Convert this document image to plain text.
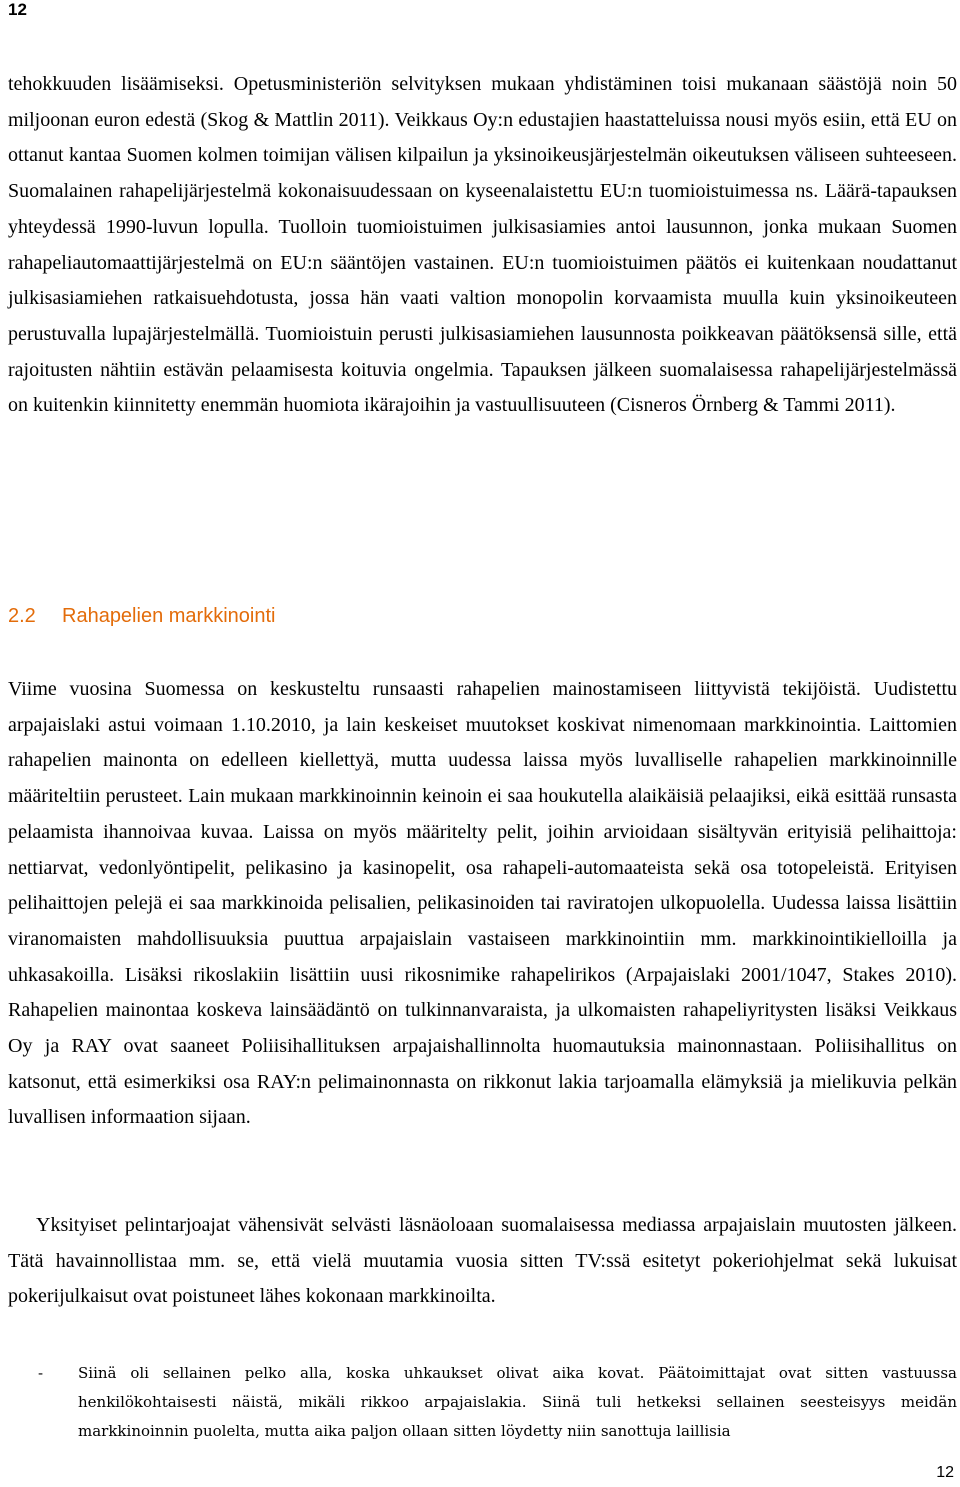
12

tehokkuuden lisäämiseksi. Opetusministeriön selvityksen mukaan yhdistäminen toisi mukanaan säästöjä noin 50 miljoonan euron edestä (Skog & Mattlin 2011). Veikkaus Oy:n edustajien haastatteluissa nousi myös esiin, että EU on ottanut kantaa Suomen kolmen toimijan välisen kilpailun ja yksinoikeusjärjestelmän oikeutuksen väliseen suhteeseen. Suomalainen rahapelijärjestelmä kokonaisuudessaan on kyseenalaistettu EU:n tuomioistuimessa ns. Läärä-tapauksen yhteydessä 1990-luvun lopulla. Tuolloin tuomioistuimen julkisasiamies antoi lausunnon, jonka mukaan Suomen rahapeliautomaattijärjestelmä on EU:n sääntöjen vastainen. EU:n tuomioistuimen päätös ei kuitenkaan noudattanut julkisasiamiehen ratkaisuehdotusta, jossa hän vaati valtion monopolin korvaamista muulla kuin yksinoikeuteen perustuvalla lupajärjestelmällä. Tuomioistuin perusti julkisasiamiehen lausunnosta poikkeavan päätöksensä sille, että rajoitusten nähtiin estävän pelaamisesta koituvia ongelmia. Tapauksen jälkeen suomalaisessa rahapelijärjestelmässä on kuitenkin kiinnitetty enemmän huomiota ikärajoihin ja vastuullisuuteen (Cisneros Örnberg & Tammi 2011).

2.2 Rahapelien markkinointi

Viime vuosina Suomessa on keskusteltu runsaasti rahapelien mainostamiseen liittyvistä tekijöistä. Uudistettu arpajaislaki astui voimaan 1.10.2010, ja lain keskeiset muutokset koskivat nimenomaan markkinointia. Laittomien rahapelien mainonta on edelleen kiellettyä, mutta uudessa laissa myös luvalliselle rahapelien markkinoinnille määriteltiin perusteet. Lain mukaan markkinoinnin keinoin ei saa houkutella alaikäisiä pelaajiksi, eikä esittää runsasta pelaamista ihannoivaa kuvaa. Laissa on myös määritelty pelit, joihin arvioidaan sisältyvän erityisiä pelihaittoja: nettiarvat, vedonlyöntipelit, pelikasino ja kasinopelit, osa rahapeli-automaateista sekä osa totopeleistä. Erityisen pelihaittojen pelejä ei saa markkinoida pelisalien, pelikasinoiden tai raviratojen ulkopuolella. Uudessa laissa lisättiin viranomaisten mahdollisuuksia puuttua arpajaislain vastaiseen markkinointiin mm. markkinointikielloilla ja uhkasakoilla. Lisäksi rikoslakiin lisättiin uusi rikosnimike rahapelirikos (Arpajaislaki 2001/1047, Stakes 2010). Rahapelien mainontaa koskeva lainsäädäntö on tulkinnanvaraista, ja ulkomaisten rahapeliyritysten lisäksi Veikkaus Oy ja RAY ovat saaneet Poliisihallituksen arpajaishallinnolta huomautuksia mainonnastaan. Poliisihallitus on katsonut, että esimerkiksi osa RAY:n pelimainonnasta on rikkonut lakia tarjoamalla elämyksiä ja mielikuvia pelkän luvallisen informaation sijaan.

Yksityiset pelintarjoajat vähensivät selvästi läsnäoloaan suomalaisessa mediassa arpajaislain muutosten jälkeen. Tätä havainnollistaa mm. se, että vielä muutamia vuosia sitten TV:ssä esitetyt pokeriohjelmat sekä lukuisat pokerijulkaisut ovat poistuneet lähes kokonaan markkinoilta.

-	Siinä oli sellainen pelko alla, koska uhkaukset olivat aika kovat. Päätoimittajat ovat sitten vastuussa henkilökohtaisesti näistä, mikäli rikkoo arpajaislakia. Siinä tuli hetkeksi sellainen seesteisyys meidän markkinoinnin puolelta, mutta aika paljon ollaan sitten löydetty niin sanottuja laillisia

12
